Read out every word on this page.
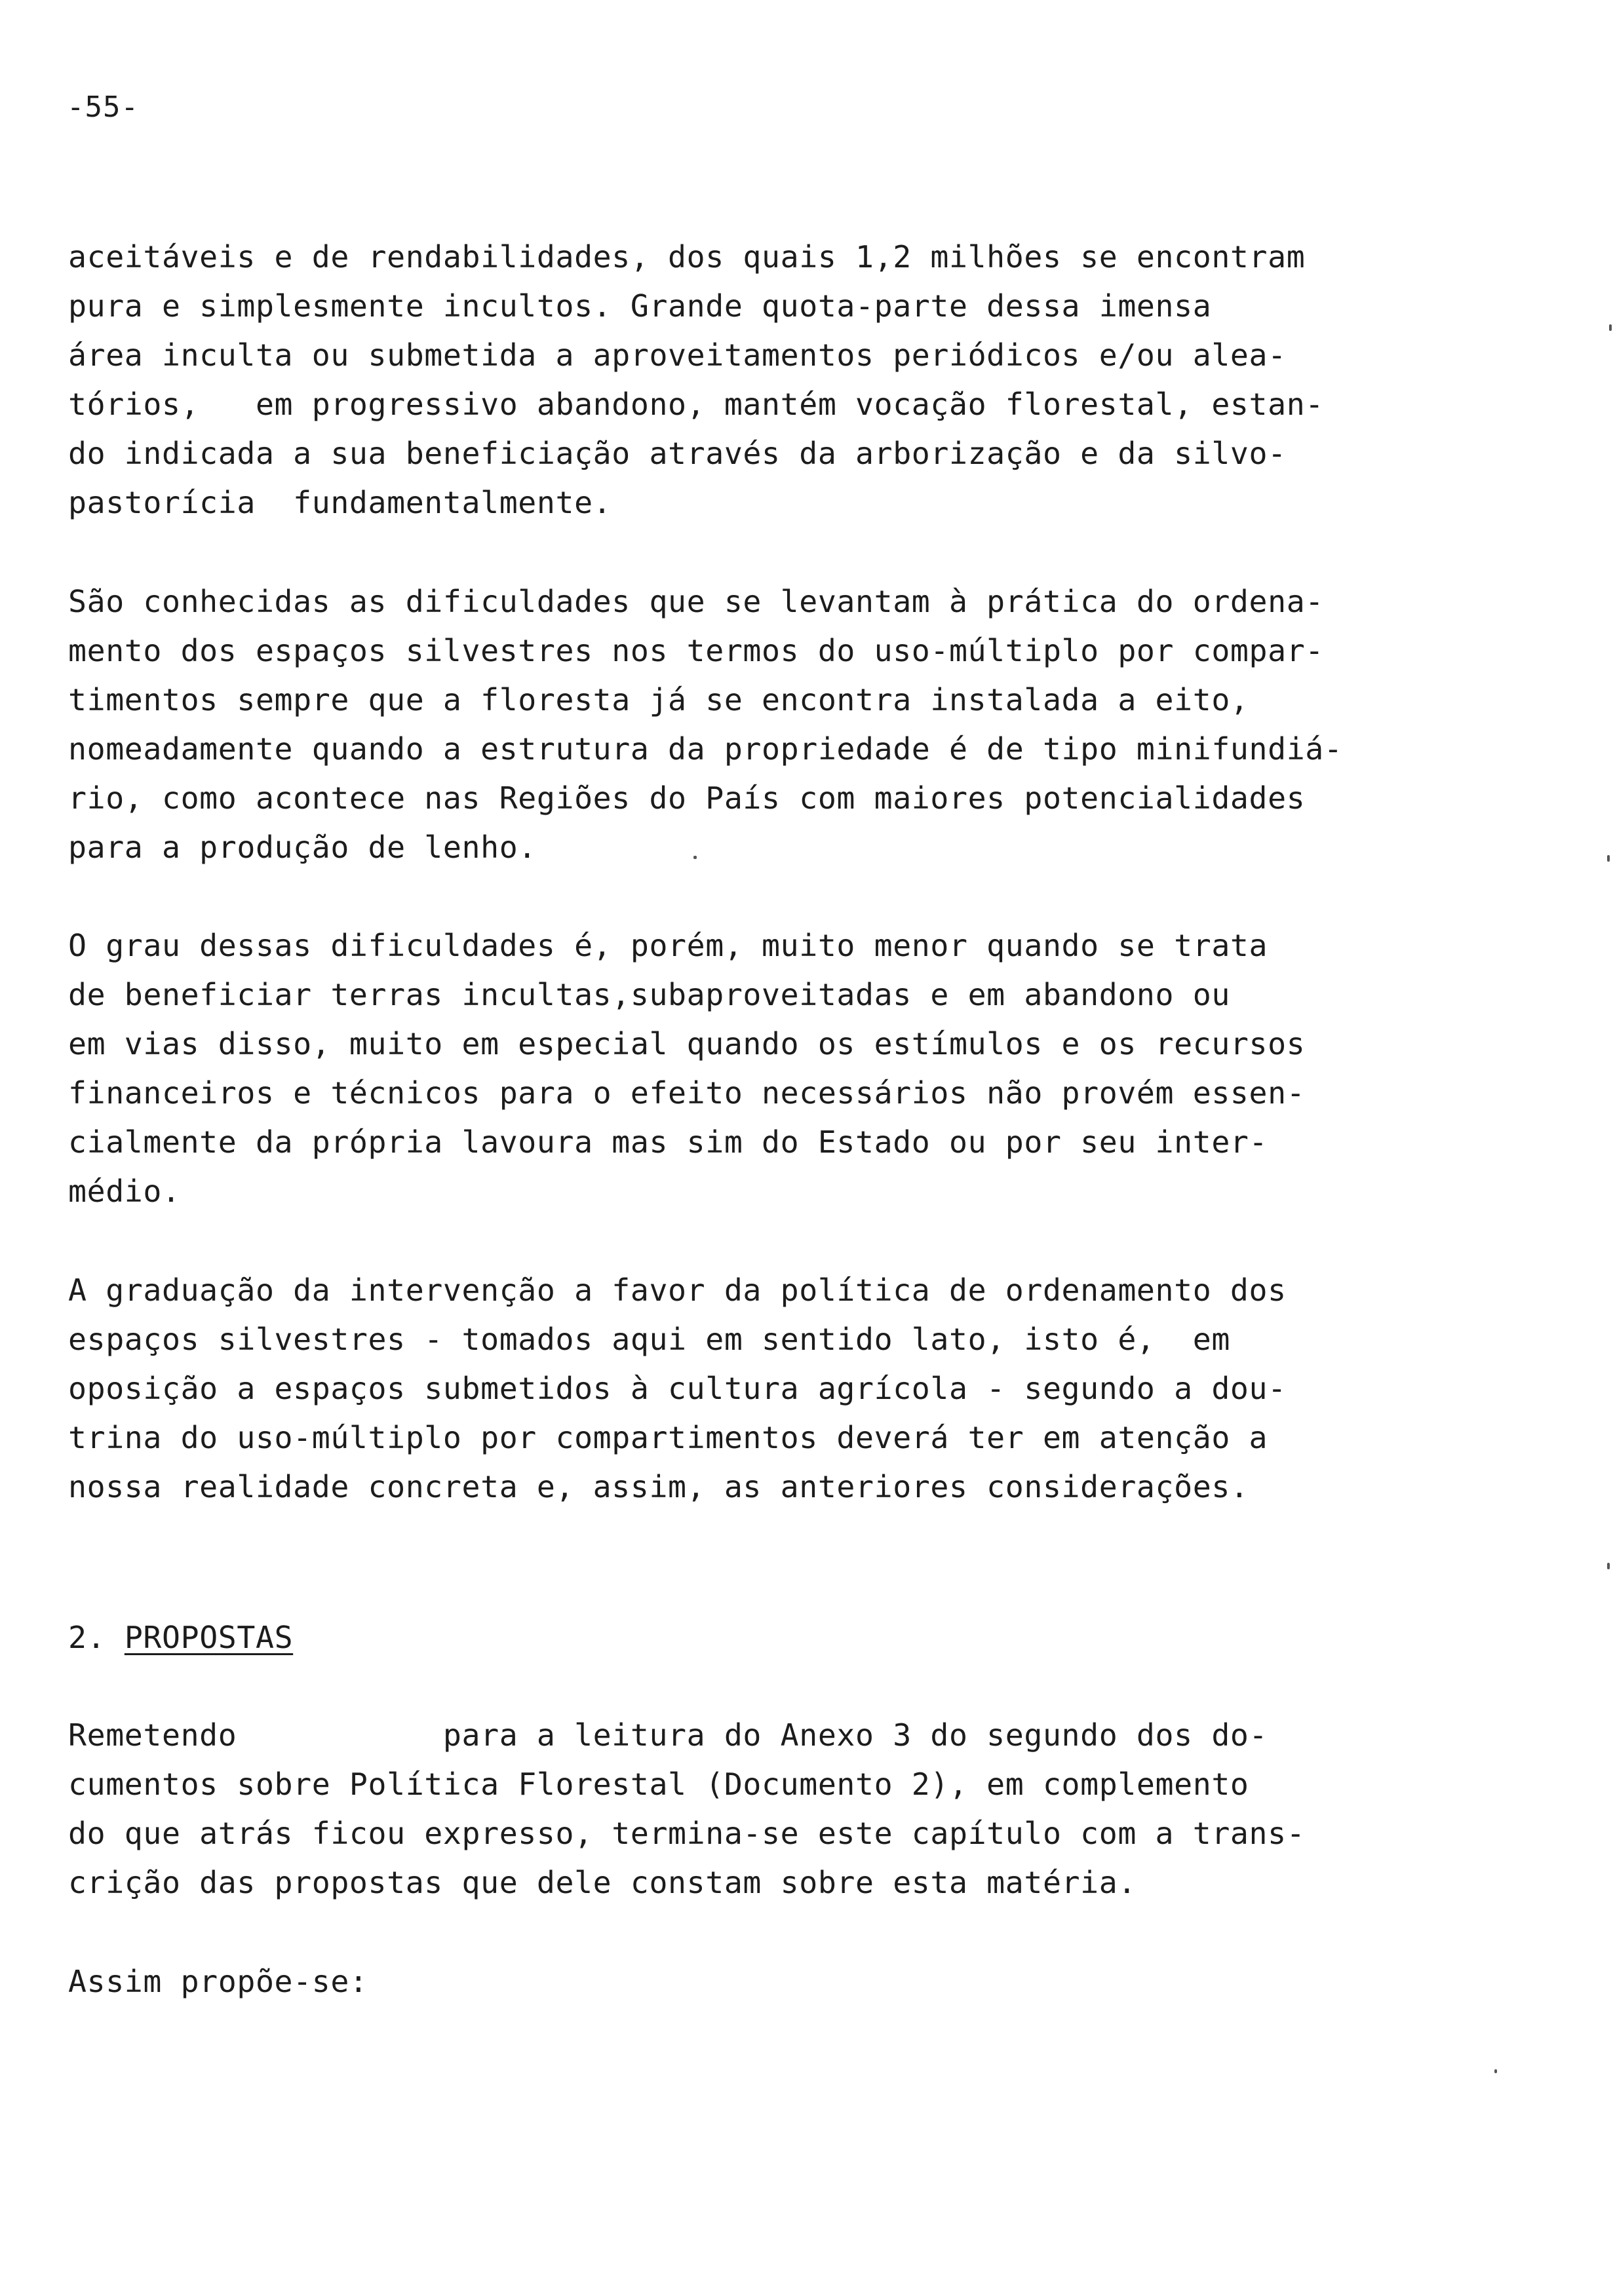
-55-
aceitáveis e de rendabilidades, dos quais 1,2 milhões se encontram
pura e simplesmente incultos. Grande quota-parte dessa imensa
área inculta ou submetida a aproveitamentos periódicos e/ou alea-
tórios,   em progressivo abandono, mantém vocação florestal, estan-
do indicada a sua beneficiação através da arborização e da silvo-
pastorícia  fundamentalmente.
São conhecidas as dificuldades que se levantam à prática do ordena-
mento dos espaços silvestres nos termos do uso-múltiplo por compar-
timentos sempre que a floresta já se encontra instalada a eito,
nomeadamente quando a estrutura da propriedade é de tipo minifundiá-
rio, como acontece nas Regiões do País com maiores potencialidades
para a produção de lenho.
O grau dessas dificuldades é, porém, muito menor quando se trata
de beneficiar terras incultas,subaproveitadas e em abandono ou
em vias disso, muito em especial quando os estímulos e os recursos
financeiros e técnicos para o efeito necessários não provém essen-
cialmente da própria lavoura mas sim do Estado ou por seu inter-
médio.
A graduação da intervenção a favor da política de ordenamento dos
espaços silvestres - tomados aqui em sentido lato, isto é,  em
oposição a espaços submetidos à cultura agrícola - segundo a dou-
trina do uso-múltiplo por compartimentos deverá ter em atenção a
nossa realidade concreta e, assim, as anteriores considerações.
2. PROPOSTAS
Remetendo           para a leitura do Anexo 3 do segundo dos do-
cumentos sobre Política Florestal (Documento 2), em complemento
do que atrás ficou expresso, termina-se este capítulo com a trans-
crição das propostas que dele constam sobre esta matéria.
Assim propõe-se:
